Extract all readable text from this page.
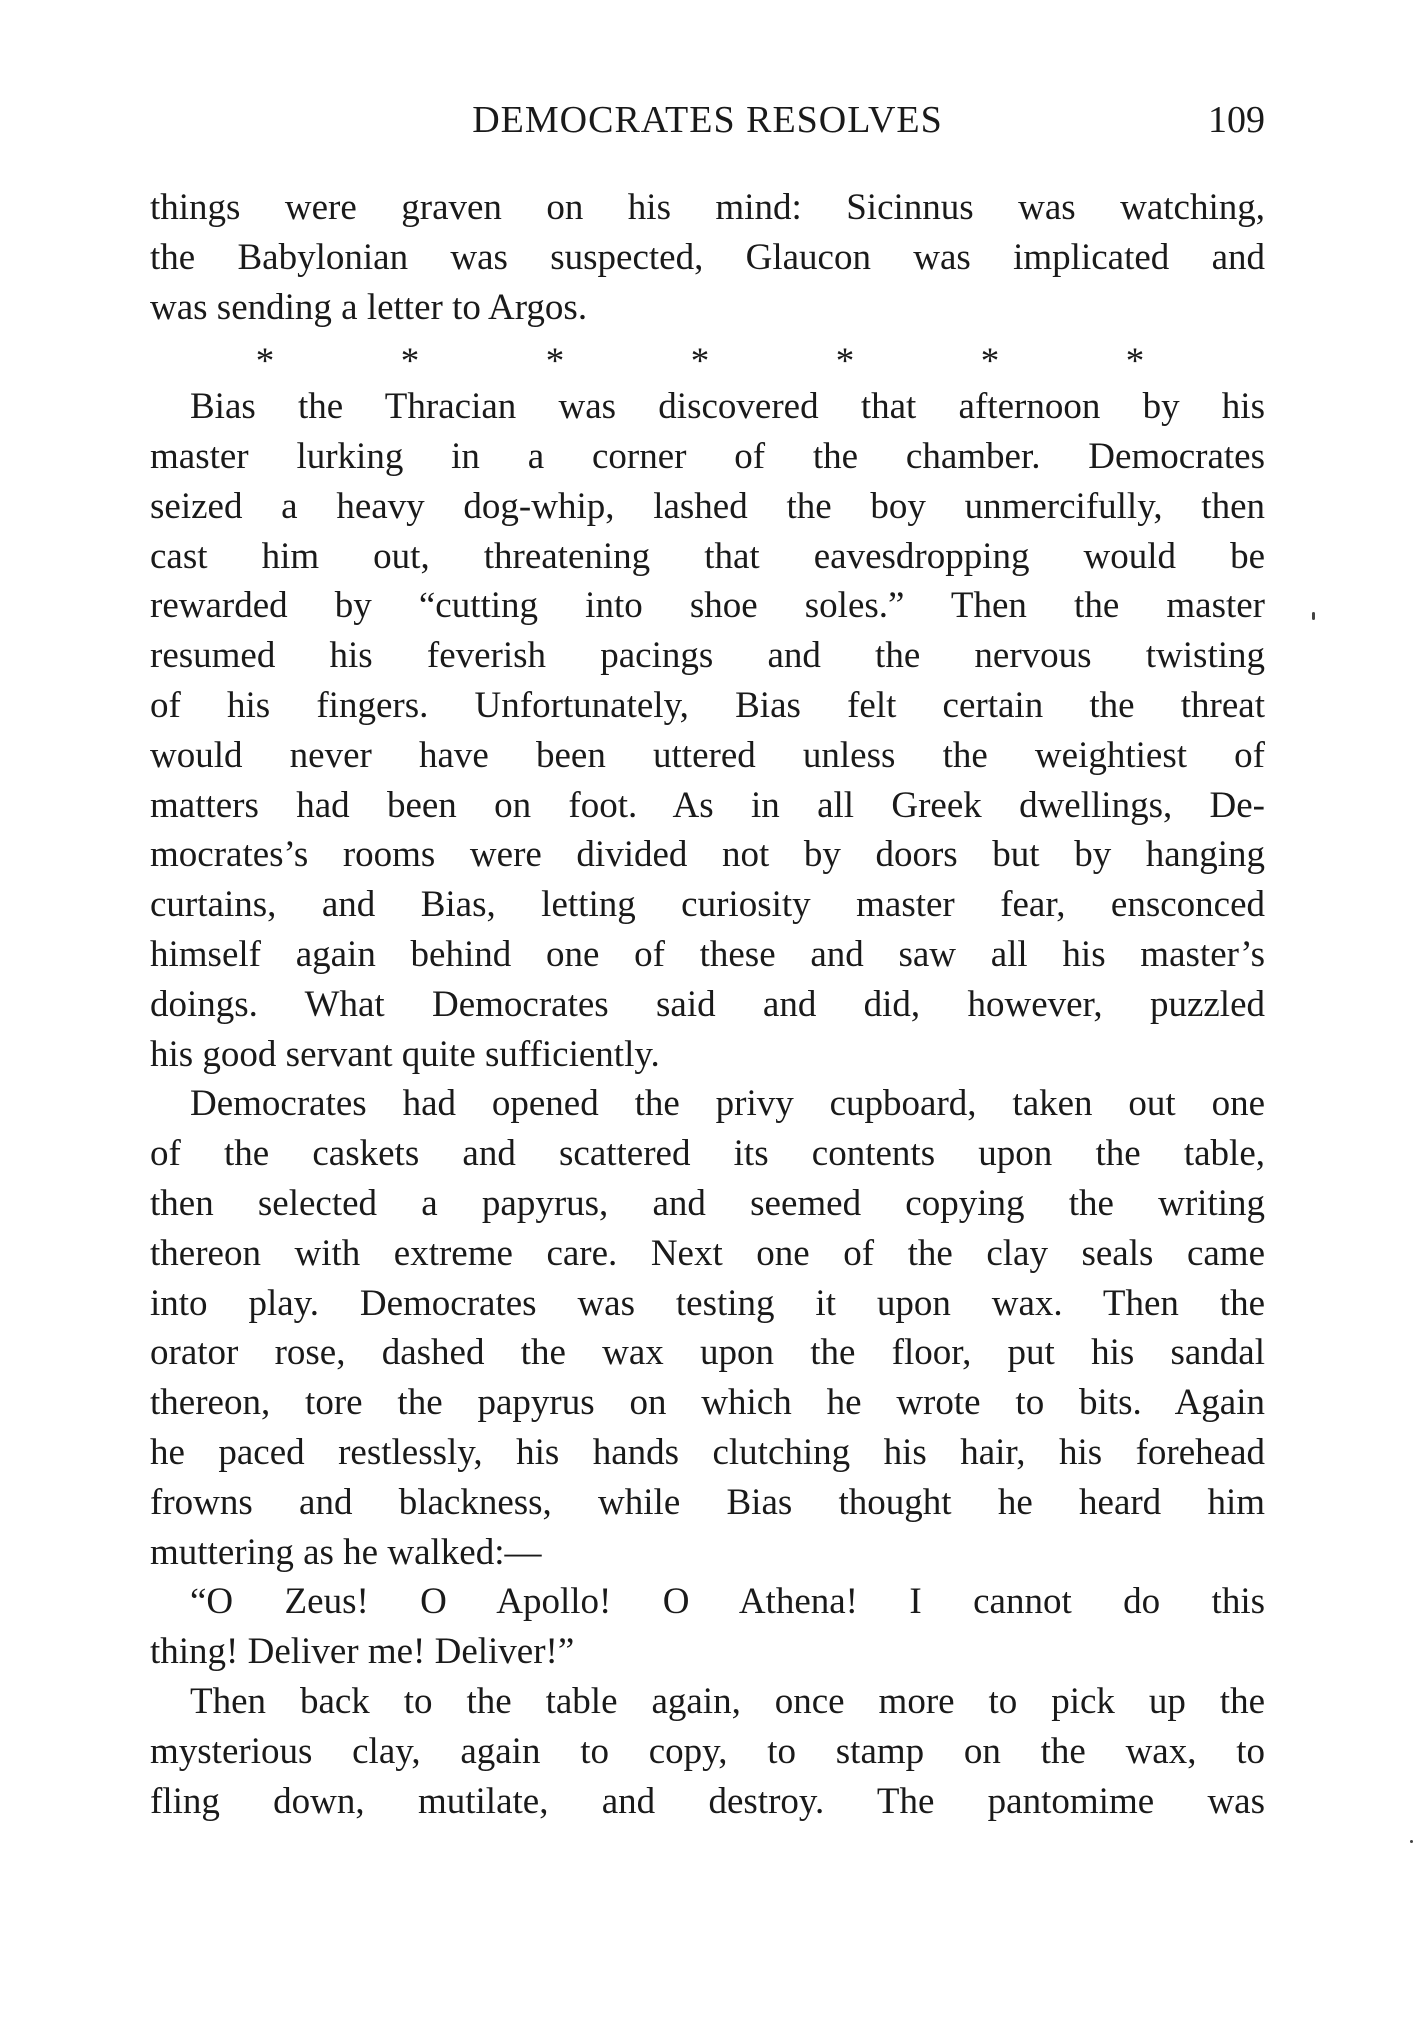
DEMOCRATES RESOLVES	109
things were graven on his mind: Sicinnus was watching,
the Babylonian was suspected, Glaucon was implicated and
was sending a letter to Argos.
*	*	*	*	*	*	*
Bias the Thracian was discovered that afternoon by his
master lurking in a corner of the chamber. Democrates
seized a heavy dog-whip, lashed the boy unmercifully, then
cast him out, threatening that eavesdropping would be
rewarded by “cutting into shoe soles.” Then the master
resumed his feverish pacings and the nervous twisting
of his fingers. Unfortunately, Bias felt certain the threat
would never have been uttered unless the weightiest of
matters had been on foot. As in all Greek dwellings, De-
mocrates’s rooms were divided not by doors but by hanging
curtains, and Bias, letting curiosity master fear, ensconced
himself again behind one of these and saw all his master’s
doings. What Democrates said and did, however, puzzled
his good servant quite sufficiently.
Democrates had opened the privy cupboard, taken out one
of the caskets and scattered its contents upon the table,
then selected a papyrus, and seemed copying the writing
thereon with extreme care. Next one of the clay seals came
into play. Democrates was testing it upon wax. Then the
orator rose, dashed the wax upon the floor, put his sandal
thereon, tore the papyrus on which he wrote to bits. Again
he paced restlessly, his hands clutching his hair, his forehead
frowns and blackness, while Bias thought he heard him
muttering as he walked:—
“O Zeus! O Apollo! O Athena! I cannot do this
thing! Deliver me! Deliver!”
Then back to the table again, once more to pick up the
mysterious clay, again to copy, to stamp on the wax, to
fling down, mutilate, and destroy. The pantomime was
